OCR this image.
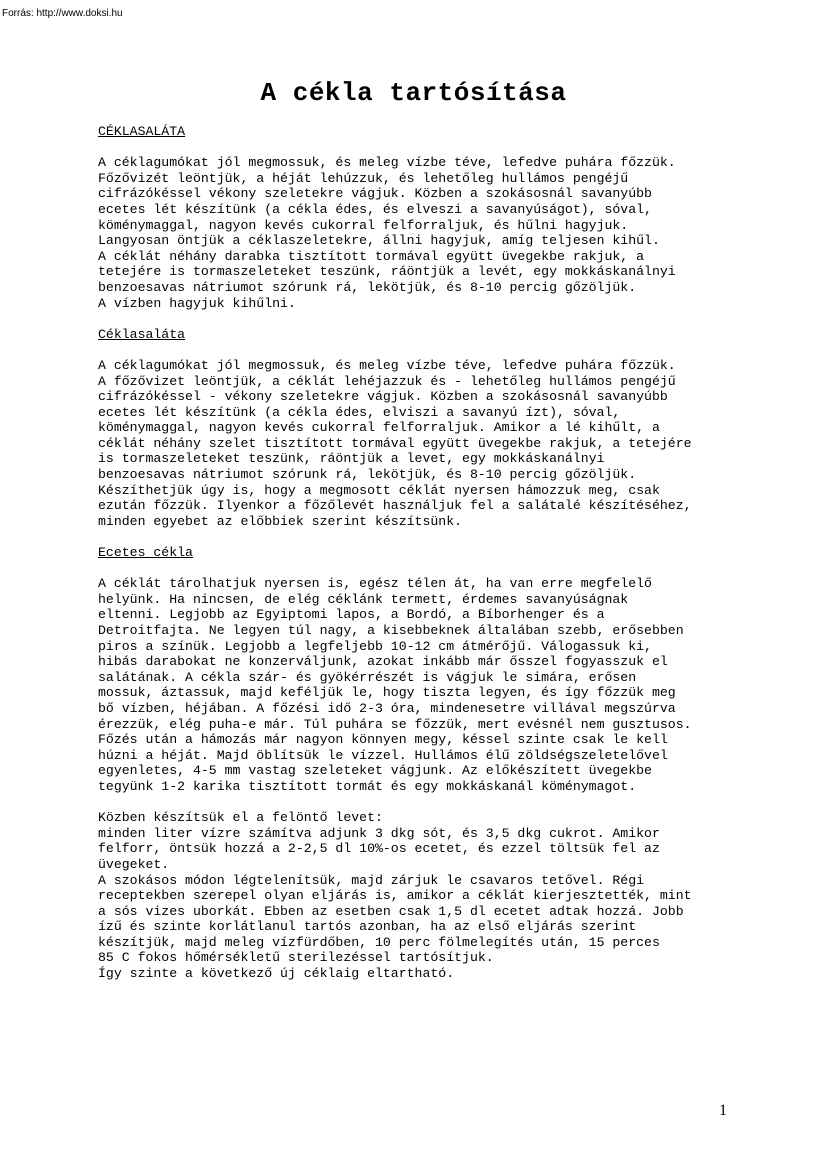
Forrás: http://www.doksi.hu
A cékla tartósítása
CÉKLASALÁTA

A céklagumókat jól megmossuk, és meleg vízbe téve, lefedve puhára főzzük.

Főzővizét leöntjük, a héját lehúzzuk, és lehetőleg hullámos pengéjű

cifrázókéssel vékony szeletekre vágjuk. Közben a szokásosnál savanyúbb

ecetes lét készítünk (a cékla édes, és elveszi a savanyúságot), sóval,

köménymaggal, nagyon kevés cukorral felforraljuk, és hűlni hagyjuk.

Langyosan öntjük a céklaszeletekre, állni hagyjuk, amíg teljesen kihűl.

A céklát néhány darabka tisztított tormával együtt üvegekbe rakjuk, a

tetejére is tormaszeleteket teszünk, ráöntjük a levét, egy mokkáskanálnyi

benzoesavas nátriumot szórunk rá, lekötjük, és 8-10 percig gőzöljük.

A vízben hagyjuk kihűlni.

Céklasaláta

A céklagumókat jól megmossuk, és meleg vízbe téve, lefedve puhára főzzük.

A főzővizet leöntjük, a céklát lehéjazzuk és - lehetőleg hullámos pengéjű

cifrázókéssel - vékony szeletekre vágjuk. Közben a szokásosnál savanyúbb

ecetes lét készítünk (a cékla édes, elviszi a savanyú ízt), sóval,

köménymaggal, nagyon kevés cukorral felforraljuk. Amikor a lé kihűlt, a

céklát néhány szelet tisztított tormával együtt üvegekbe rakjuk, a tetejére

is tormaszeleteket teszünk, ráöntjük a levet, egy mokkáskanálnyi

benzoesavas nátriumot szórunk rá, lekötjük, és 8-10 percig gőzöljük.

Készíthetjük úgy is, hogy a megmosott céklát nyersen hámozzuk meg, csak

ezután főzzük. Ilyenkor a főzőlevét használjuk fel a salátalé készítéséhez,

minden egyebet az előbbiek szerint készítsünk.

Ecetes cékla

A céklát tárolhatjuk nyersen is, egész télen át, ha van erre megfelelő

helyünk. Ha nincsen, de elég céklánk termett, érdemes savanyúságnak

eltenni. Legjobb az Egyiptomi lapos, a Bordó, a Bíborhenger és a

Detroitfajta. Ne legyen túl nagy, a kisebbeknek általában szebb, erősebben

piros a színük. Legjobb a legfeljebb 10-12 cm átmérőjű. Válogassuk ki,

hibás darabokat ne konzerváljunk, azokat inkább már ősszel fogyasszuk el

salátának. A cékla szár- és gyökérrészét is vágjuk le simára, erősen

mossuk, áztassuk, majd keféljük le, hogy tiszta legyen, és így főzzük meg

bő vízben, héjában. A főzési idő 2-3 óra, mindenesetre villával megszúrva

érezzük, elég puha-e már. Túl puhára se főzzük, mert evésnél nem gusztusos.

Főzés után a hámozás már nagyon könnyen megy, késsel szinte csak le kell

húzni a héját. Majd öblítsük le vízzel. Hullámos élű zöldségszeletelővel

egyenletes, 4-5 mm vastag szeleteket vágjunk. Az előkészített üvegekbe

tegyünk 1-2 karika tisztított tormát és egy mokkáskanál köménymagot.

Közben készítsük el a felöntő levet:

minden liter vízre számítva adjunk 3 dkg sót, és 3,5 dkg cukrot. Amikor

felforr, öntsük hozzá a 2-2,5 dl 10%-os ecetet, és ezzel töltsük fel az

üvegeket.

A szokásos módon légtelenítsük, majd zárjuk le csavaros tetővel. Régi

receptekben szerepel olyan eljárás is, amikor a céklát kierjesztették, mint

a sós vizes uborkát. Ebben az esetben csak 1,5 dl ecetet adtak hozzá. Jobb

ízű és szinte korlátlanul tartós azonban, ha az első eljárás szerint

készítjük, majd meleg vízfürdőben, 10 perc fölmelegítés után, 15 perces

85 C fokos hőmérsékletű sterilezéssel tartósítjuk.

Így szinte a következő új céklaig eltartható.

1
